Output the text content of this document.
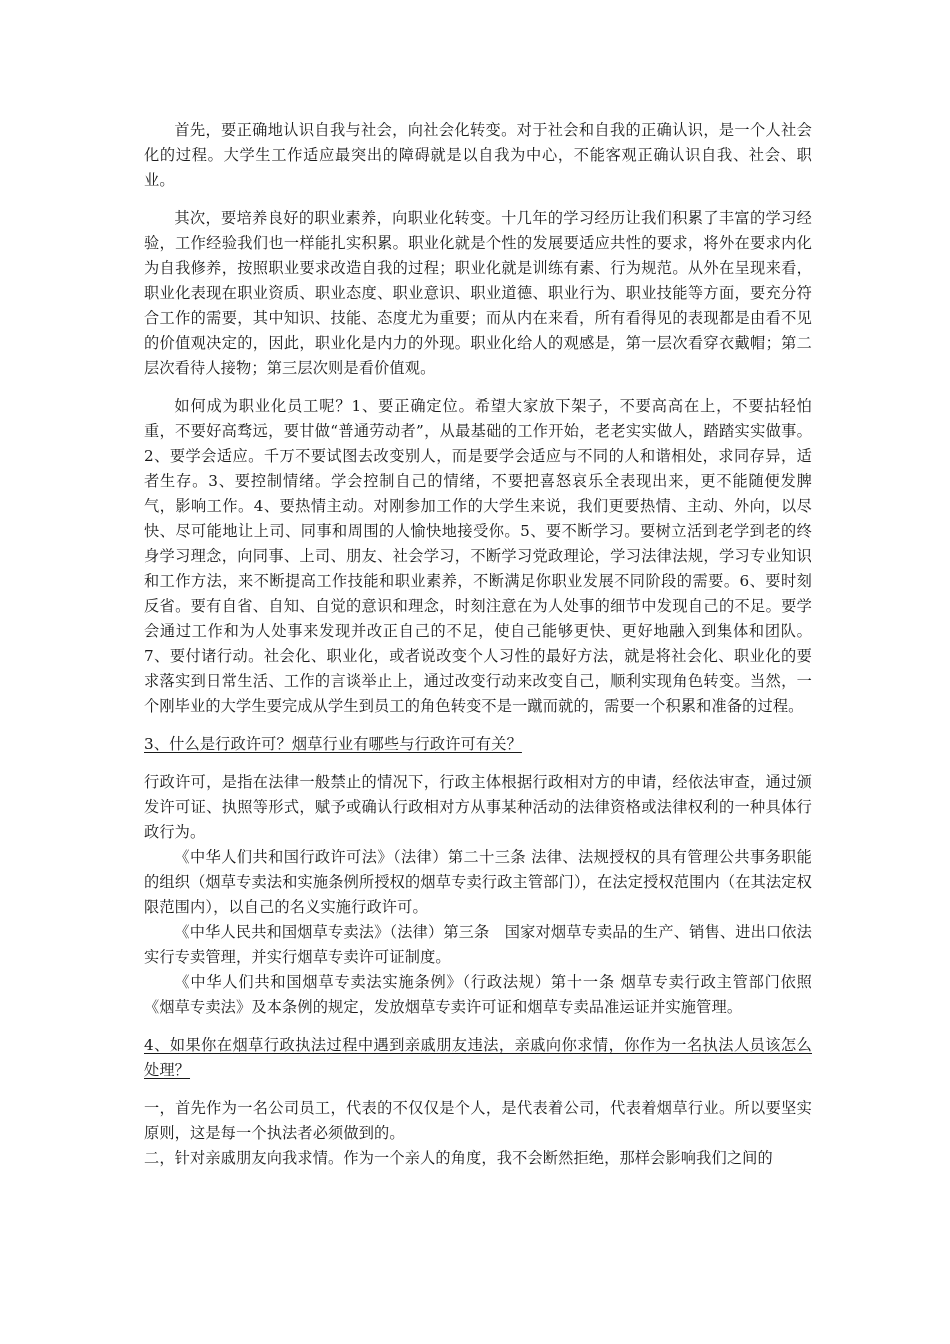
首先，要正确地认识自我与社会，向社会化转变。对于社会和自我的正确认识，是一个人社会化的过程。大学生工作适应最突出的障碍就是以自我为中心，不能客观正确认识自我、社会、职业。

其次，要培养良好的职业素养，向职业化转变。十几年的学习经历让我们积累了丰富的学习经验，工作经验我们也一样能扎实积累。职业化就是个性的发展要适应共性的要求，将外在要求内化为自我修养，按照职业要求改造自我的过程；职业化就是训练有素、行为规范。从外在呈现来看，职业化表现在职业资质、职业态度、职业意识、职业道德、职业行为、职业技能等方面，要充分符合工作的需要，其中知识、技能、态度尤为重要；而从内在来看，所有看得见的表现都是由看不见的价值观决定的，因此，职业化是内力的外现。职业化给人的观感是，第一层次看穿衣戴帽；第二层次看待人接物；第三层次则是看价值观。

如何成为职业化员工呢？1、要正确定位。希望大家放下架子，不要高高在上，不要拈轻怕重，不要好高骛远，要甘做“普通劳动者”，从最基础的工作开始，老老实实做人，踏踏实实做事。2、要学会适应。千万不要试图去改变别人，而是要学会适应与不同的人和谐相处，求同存异，适者生存。3、要控制情绪。学会控制自己的情绪，不要把喜怒哀乐全表现出来，更不能随便发脾气，影响工作。4、要热情主动。对刚参加工作的大学生来说，我们更要热情、主动、外向，以尽快、尽可能地让上司、同事和周围的人愉快地接受你。5、要不断学习。要树立活到老学到老的终身学习理念，向同事、上司、朋友、社会学习，不断学习党政理论，学习法律法规，学习专业知识和工作方法，来不断提高工作技能和职业素养，不断满足你职业发展不同阶段的需要。6、要时刻反省。要有自省、自知、自觉的意识和理念，时刻注意在为人处事的细节中发现自己的不足。要学会通过工作和为人处事来发现并改正自己的不足，使自己能够更快、更好地融入到集体和团队。7、要付诸行动。社会化、职业化，或者说改变个人习性的最好方法，就是将社会化、职业化的要求落实到日常生活、工作的言谈举止上，通过改变行动来改变自己，顺利实现角色转变。当然，一个刚毕业的大学生要完成从学生到员工的角色转变不是一蹴而就的，需要一个积累和准备的过程。

3、什么是行政许可？烟草行业有哪些与行政许可有关？

行政许可，是指在法律一般禁止的情况下，行政主体根据行政相对方的申请，经依法审查，通过颁发许可证、执照等形式，赋予或确认行政相对方从事某种活动的法律资格或法律权利的一种具体行政行为。

《中华人们共和国行政许可法》（法律）第二十三条 法律、法规授权的具有管理公共事务职能的组织（烟草专卖法和实施条例所授权的烟草专卖行政主管部门），在法定授权范围内（在其法定权限范围内），以自己的名义实施行政许可。

《中华人民共和国烟草专卖法》（法律）第三条　国家对烟草专卖品的生产、销售、进出口依法实行专卖管理，并实行烟草专卖许可证制度。

《中华人们共和国烟草专卖法实施条例》（行政法规）第十一条 烟草专卖行政主管部门依照《烟草专卖法》及本条例的规定，发放烟草专卖许可证和烟草专卖品准运证并实施管理。

4、如果你在烟草行政执法过程中遇到亲戚朋友违法，亲戚向你求情，你作为一名执法人员该怎么处理？

一，首先作为一名公司员工，代表的不仅仅是个人，是代表着公司，代表着烟草行业。所以要坚实原则，这是每一个执法者必须做到的。

二，针对亲戚朋友向我求情。作为一个亲人的角度，我不会断然拒绝，那样会影响我们之间的
